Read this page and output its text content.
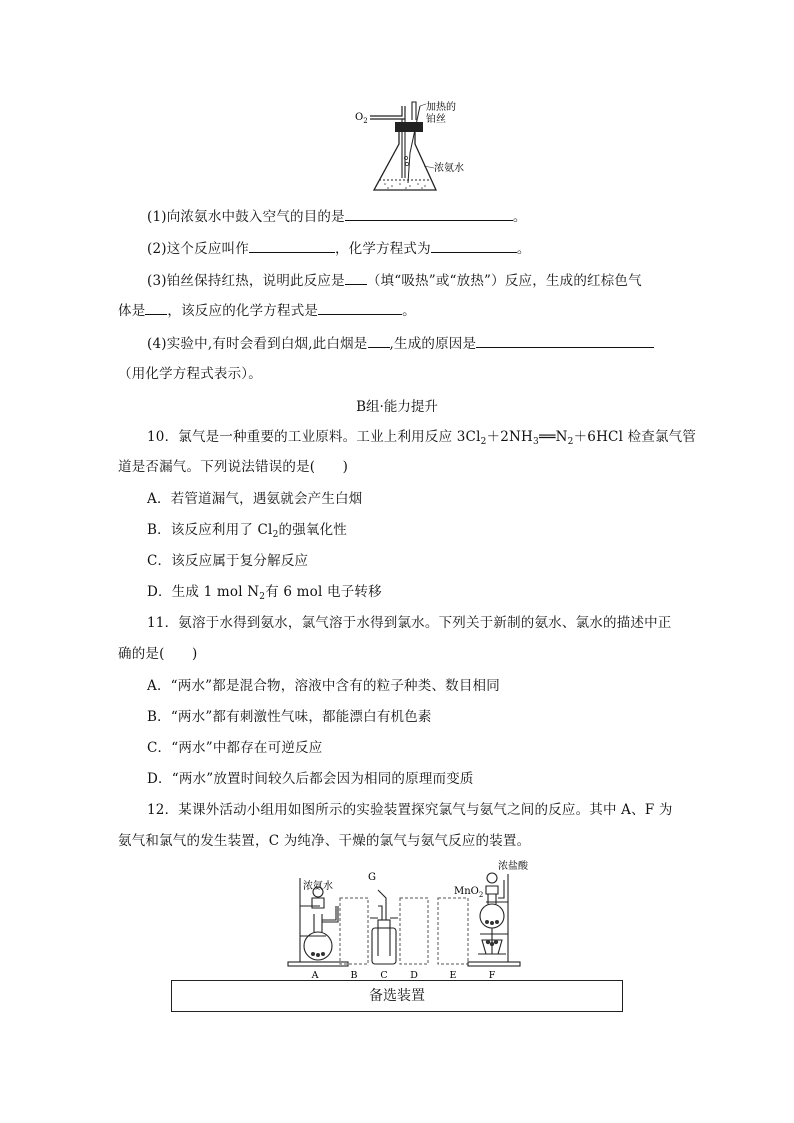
$O_2$
加热的
铂丝
浓氨水
(1)向浓氨水中鼓入空气的目的是	。
(2)这个反应叫作	，化学方程式为	。
(3)铂丝保持红热，说明此反应是 （填“吸热”或“放热”）反应，生成的红棕色气
体是 ，该反应的化学方程式是	。
(4)实验中,有时会看到白烟,此白烟是 ,生成的原因是
（用化学方程式表示）。
B组·能力提升
10．氯气是一种重要的工业原料。工业上利用反应 $3Cl_2+2NH_3══N_2+6HCl$ 检查氯气管
道是否漏气。下列说法错误的是(　　)
A．若管道漏气，遇氨就会产生白烟
B．该反应利用了 $Cl_2$的强氧化性
C．该反应属于复分解反应
D．生成 1 mol $N_2$有 6 mol 电子转移
11．氨溶于水得到氨水，氯气溶于水得到氯水。下列关于新制的氨水、氯水的描述中正
确的是(　　)
A．“两水”都是混合物，溶液中含有的粒子种类、数目相同
B．“两水”都有刺激性气味，都能漂白有机色素
C．“两水”中都存在可逆反应
D．“两水”放置时间较久后都会因为相同的原理而变质
12．某课外活动小组用如图所示的实验装置探究氯气与氨气之间的反应。其中 A、F 为
氨气和氯气的发生装置，C 为纯净、干燥的氯气与氨气反应的装置。
浓氨水
G
浓盐酸
MnO$_2$
A	B C D	E	F
备选装置
